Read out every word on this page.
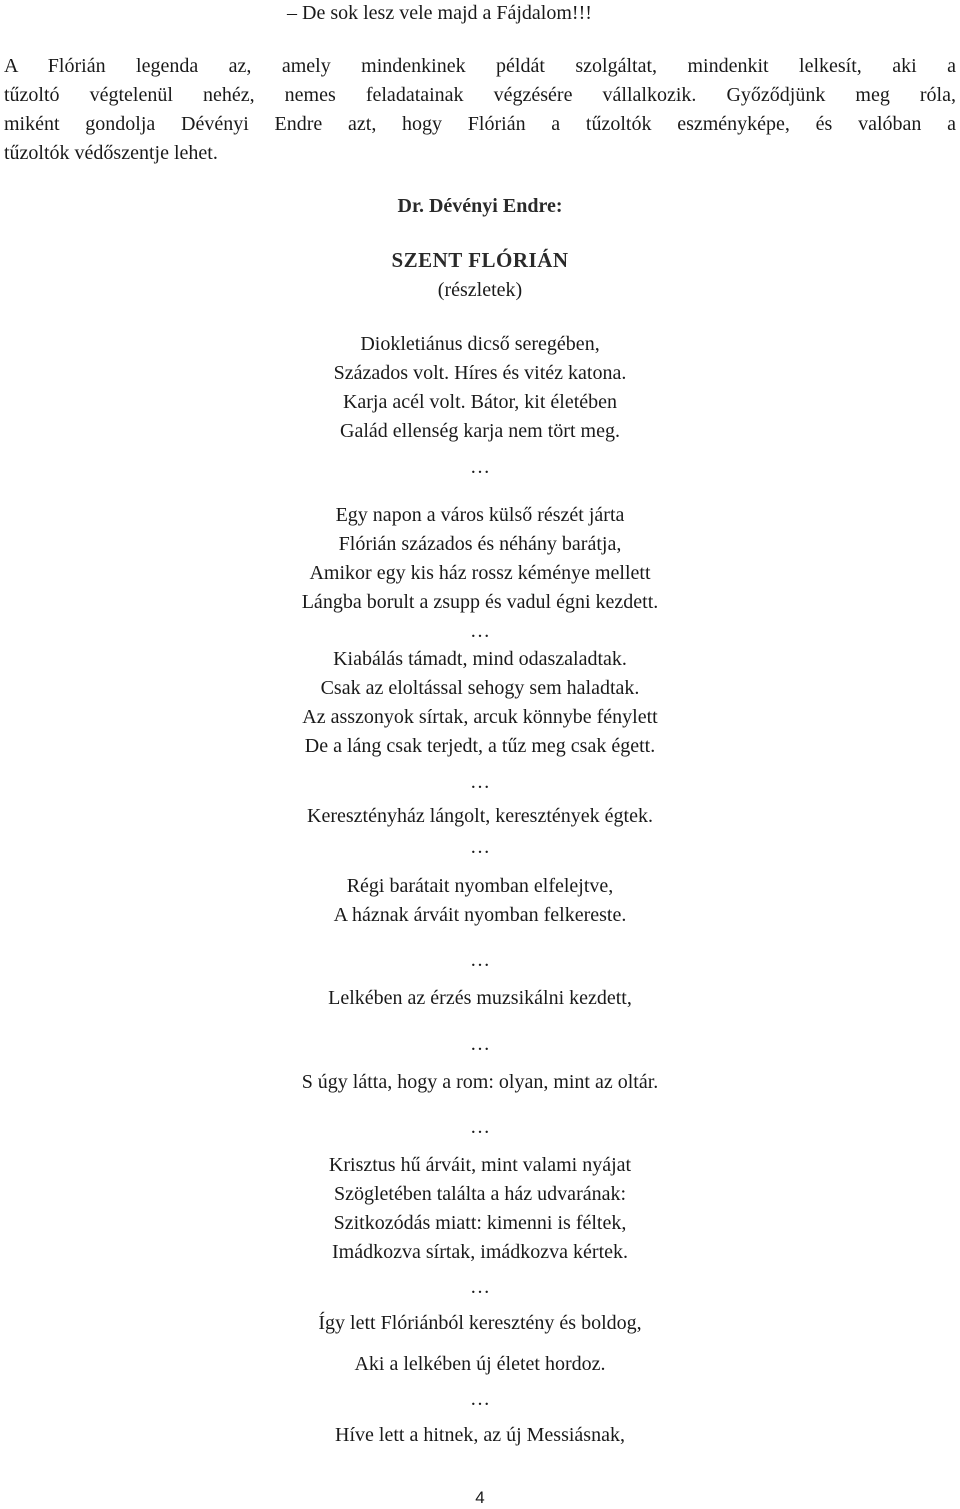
– De sok lesz vele majd a Fájdalom!!!
A Flórián legenda az, amely mindenkinek példát szolgáltat, mindenkit lelkesít, aki a
tűzoltó végtelenül nehéz, nemes feladatainak végzésére vállalkozik. Győződjünk meg róla,
miként gondolja Dévényi Endre azt, hogy Flórián a tűzoltók eszményképe, és valóban a
tűzoltók védőszentje lehet.
Dr. Dévényi Endre:
SZENT FLÓRIÁN
(részletek)
Diokletiánus dicső seregében,
Százados volt. Híres és vitéz katona.
Karja acél volt. Bátor, kit életében
Galád ellenség karja nem tört meg.
…
Egy napon a város külső részét járta
Flórián százados és néhány barátja,
Amikor egy kis ház rossz kéménye mellett
Lángba borult a zsupp és vadul égni kezdett.
…
Kiabálás támadt, mind odaszaladtak.
Csak az eloltással sehogy sem haladtak.
Az asszonyok sírtak, arcuk könnybe fénylett
De a láng csak terjedt, a tűz meg csak égett.
…
Keresztényház lángolt, keresztények égtek.
…
Régi barátait nyomban elfelejtve,
A háznak árváit nyomban felkereste.
…
Lelkében az érzés muzsikálni kezdett,
…
S úgy látta, hogy a rom: olyan, mint az oltár.
…
Krisztus hű árváit, mint valami nyájat
Szögletében találta a ház udvarának:
Szitkozódás miatt: kimenni is féltek,
Imádkozva sírtak, imádkozva kértek.
…
Így lett Flóriánból keresztény és boldog,
Aki a lelkében új életet hordoz.
…
Híve lett a hitnek, az új Messiásnak,
4
